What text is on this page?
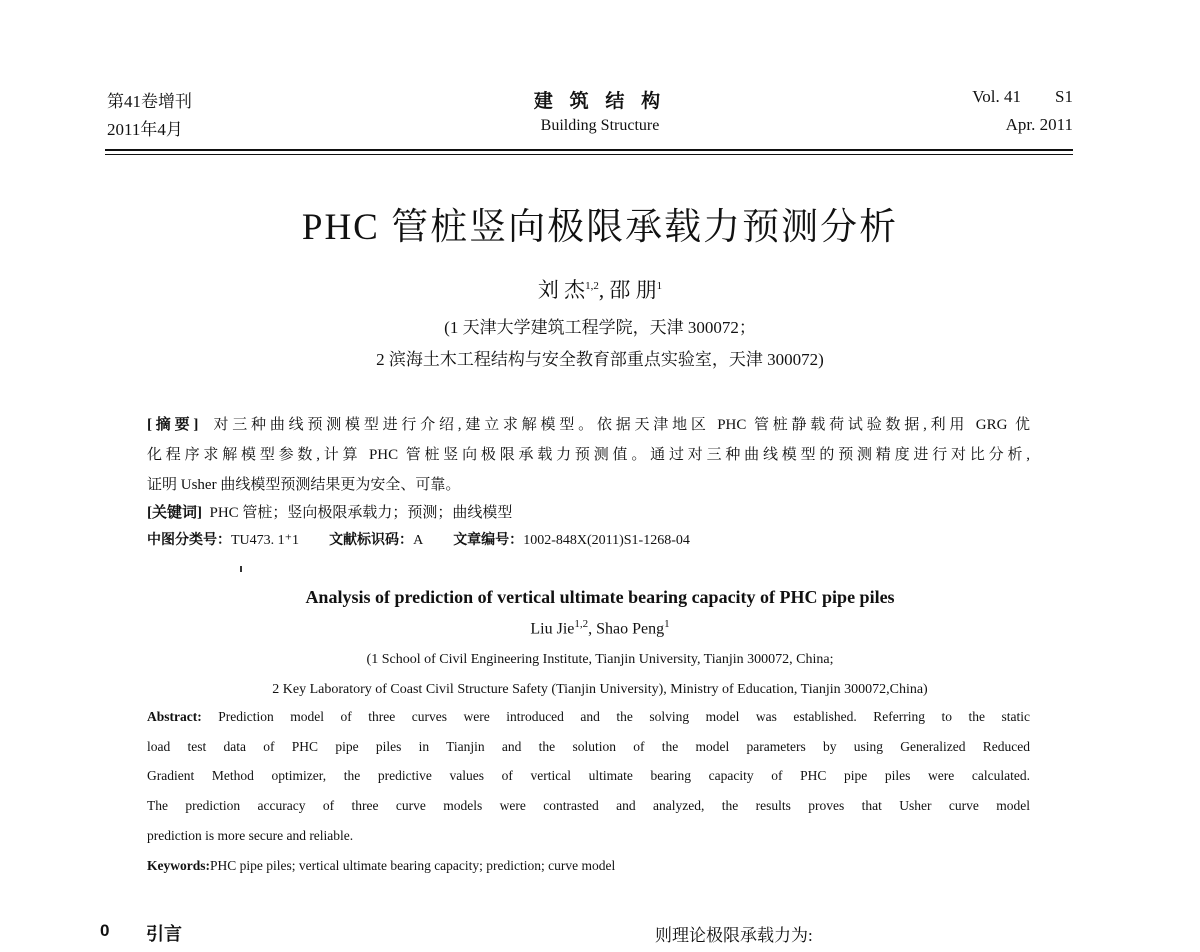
第41卷增刊
2011年4月
建 筑 结 构
Building Structure
Vol. 41 S1
Apr. 2011
PHC 管桩竖向极限承载力预测分析
刘 杰$^{1,2}$, 邵 朋$^1$
(1 天津大学建筑工程学院，天津 300072；
2 滨海土木工程结构与安全教育部重点实验室，天津 300072)
[摘要] 对三种曲线预测模型进行介绍,建立求解模型。依据天津地区 PHC 管桩静载荷试验数据,利用 GRG 优
化程序求解模型参数,计算 PHC 管桩竖向极限承载力预测值。通过对三种曲线模型的预测精度进行对比分析,
证明 Usher 曲线模型预测结果更为安全、可靠。
[关键词] PHC 管桩；竖向极限承载力；预测；曲线模型
中图分类号：TU473. 1⁺1 文献标识码：A 文章编号：1002-848X(2011)S1-1268-04
Analysis of prediction of vertical ultimate bearing capacity of PHC pipe piles
Liu Jie$^{1,2}$, Shao Peng$^1$
(1 School of Civil Engineering Institute, Tianjin University, Tianjin 300072, China;
2 Key Laboratory of Coast Civil Structure Safety (Tianjin University), Ministry of Education, Tianjin 300072,China)
Abstract: Prediction model of three curves were introduced and the solving model was established. Referring to the static
load test data of PHC pipe piles in Tianjin and the solution of the model parameters by using Generalized Reduced
Gradient Method optimizer, the predictive values of vertical ultimate bearing capacity of PHC pipe piles were calculated.
The prediction accuracy of three curve models were contrasted and analyzed, the results proves that Usher curve model
prediction is more secure and reliable.
Keywords:PHC pipe piles; vertical ultimate bearing capacity; prediction; curve model
0 引言	则理论极限承载力为:
